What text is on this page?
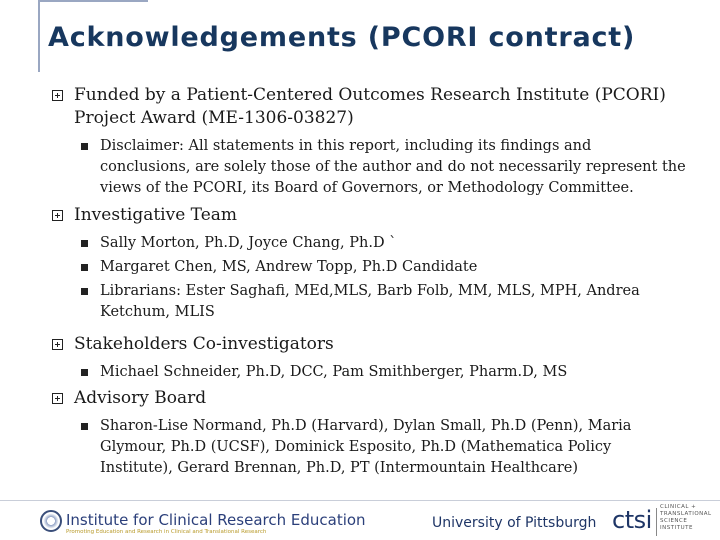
Acknowledgements (PCORI contract)
Funded by a Patient-Centered Outcomes Research Institute (PCORI)
Project Award (ME-1306-03827)
Disclaimer: All statements in this report, including its findings and
conclusions, are solely those of the author and do not necessarily represent the
views of the PCORI, its Board of Governors, or Methodology Committee.
Investigative Team
Sally Morton, Ph.D, Joyce Chang, Ph.D `
Margaret Chen, MS, Andrew Topp, Ph.D Candidate
Librarians: Ester Saghafi, MEd,MLS, Barb Folb, MM, MLS, MPH, Andrea
Ketchum, MLIS
Stakeholders Co-investigators
Michael Schneider, Ph.D, DCC, Pam Smithberger, Pharm.D, MS
Advisory Board
Sharon-Lise Normand, Ph.D (Harvard), Dylan Small, Ph.D (Penn), Maria
Glymour, Ph.D (UCSF), Dominick Esposito, Ph.D (Mathematica Policy
Institute), Gerard Brennan, Ph.D, PT (Intermountain Healthcare)
Institute for Clinical Research Education
Promoting Education and Research in Clinical and Translational Research
University of Pittsburgh ctsi CLINICAL +
TRANSLATIONAL
SCIENCE
INSTITUTE
